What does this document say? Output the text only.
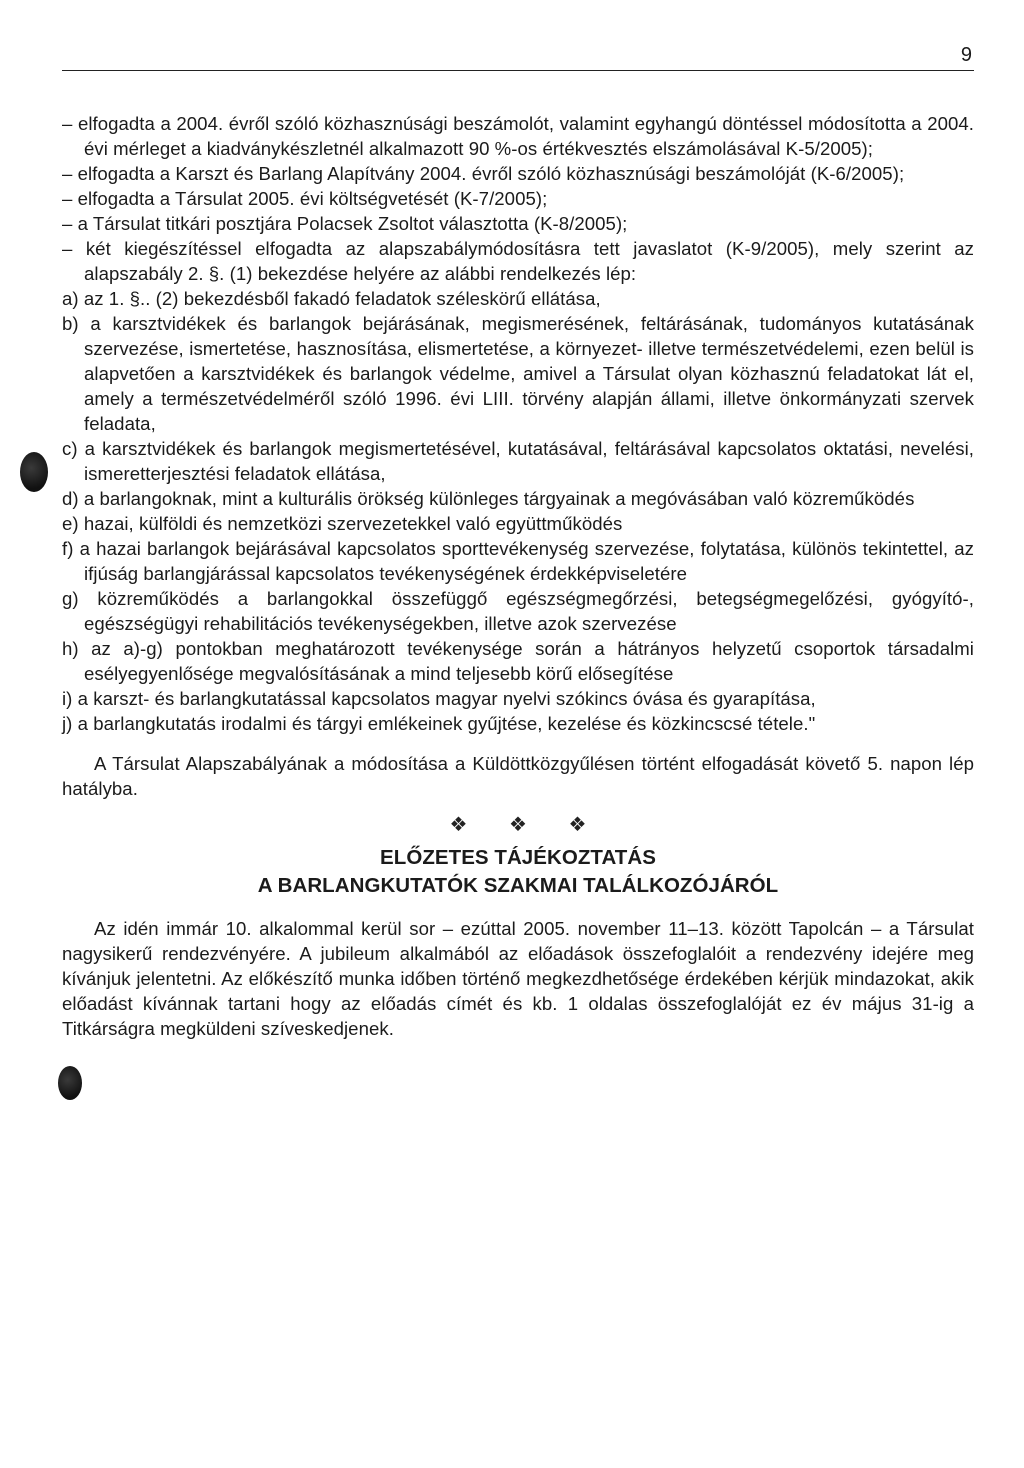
9
– elfogadta a 2004. évről szóló közhasznúsági beszámolót, valamint egyhangú döntéssel módosította a 2004. évi mérleget a kiadványkészletnél alkalmazott 90 %-os értékvesztés elszámolásával K-5/2005);
– elfogadta a Karszt és Barlang Alapítvány 2004. évről szóló közhasznúsági beszámolóját (K-6/2005);
– elfogadta a Társulat 2005. évi költségvetését (K-7/2005);
– a Társulat titkári posztjára Polacsek Zsoltot választotta (K-8/2005);
– két kiegészítéssel elfogadta az alapszabálymódosításra tett javaslatot (K-9/2005), mely szerint az alapszabály 2. §. (1) bekezdése helyére az alábbi rendelkezés lép:
a) az 1. §.. (2) bekezdésből fakadó feladatok széleskörű ellátása,
b) a karsztvidékek és barlangok bejárásának, megismerésének, feltárásának, tudományos kutatásának szervezése, ismertetése, hasznosítása, elismertetése, a környezet- illetve természetvédelemi, ezen belül is alapvetően a karsztvidékek és barlangok védelme, amivel a Társulat olyan közhasznú feladatokat lát el, amely a természetvédelméről szóló 1996. évi LIII. törvény alapján állami, illetve önkormányzati szervek feladata,
c) a karsztvidékek és barlangok megismertetésével, kutatásával, feltárásával kapcsolatos oktatási, nevelési, ismeretterjesztési feladatok ellátása,
d) a barlangoknak, mint a kulturális örökség különleges tárgyainak a megóvásában való közreműködés
e) hazai, külföldi és nemzetközi szervezetekkel való együttműködés
f) a hazai barlangok bejárásával kapcsolatos sporttevékenység szervezése, folytatása, különös tekintettel, az ifjúság barlangjárással kapcsolatos tevékenységének érdekképviseletére
g) közreműködés a barlangokkal összefüggő egészségmegőrzési, betegségmegelőzési, gyógyító-, egészségügyi rehabilitációs tevékenységekben, illetve azok szervezése
h) az a)-g) pontokban meghatározott tevékenysége során a hátrányos helyzetű csoportok társadalmi esélyegyenlősége megvalósításának a mind teljesebb körű elősegítése
i) a karszt- és barlangkutatással kapcsolatos magyar nyelvi szókincs óvása és gyarapítása,
j) a barlangkutatás irodalmi és tárgyi emlékeinek gyűjtése, kezelése és közkincscsé tétele."

A Társulat Alapszabályának a módosítása a Küldöttközgyűlésen történt elfogadását követő 5. napon lép hatályba.

❖ ❖ ❖
ELŐZETES TÁJÉKOZTATÁS
A BARLANGKUTATÓK SZAKMAI TALÁLKOZÓJÁRÓL

Az idén immár 10. alkalommal kerül sor – ezúttal 2005. november 11–13. között Tapolcán – a Társulat nagysikerű rendezvényére. A jubileum alkalmából az előadások összefoglalóit a rendezvény idejére meg kívánjuk jelentetni. Az előkészítő munka időben történő megkezdhetősége érdekében kérjük mindazokat, akik előadást kívánnak tartani hogy az előadás címét és kb. 1 oldalas összefoglalóját ez év május 31-ig a Titkárságra megküldeni szíveskedjenek.
